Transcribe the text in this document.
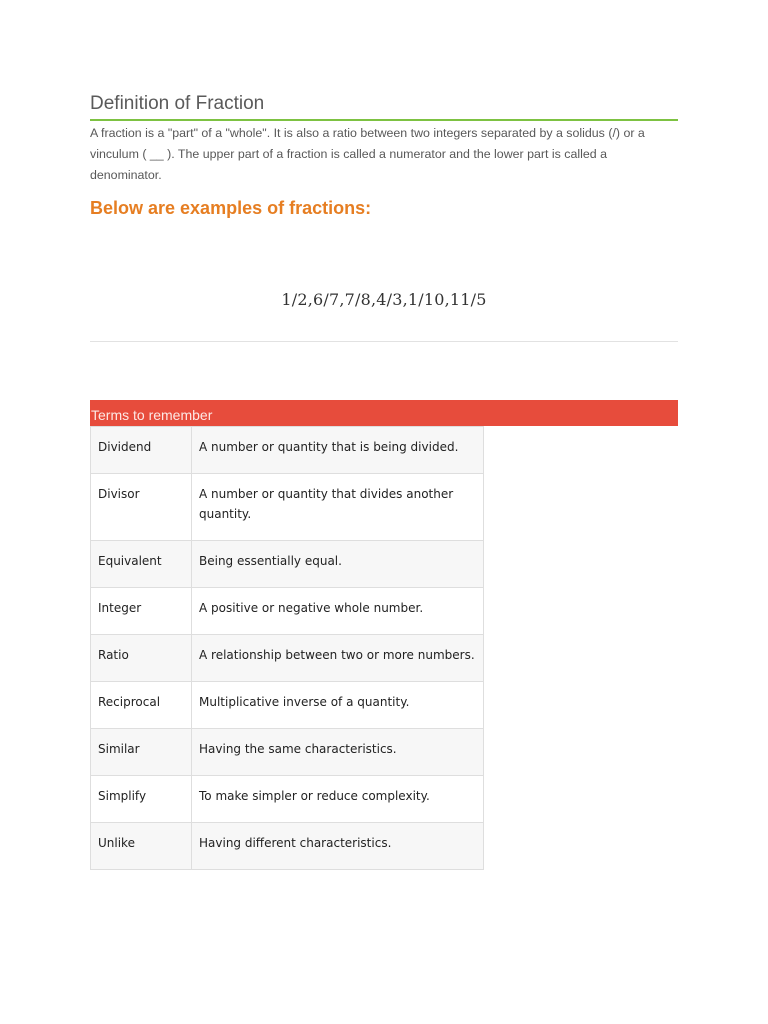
Definition of Fraction
A fraction is a "part" of a "whole". It is also a ratio between two integers separated by a solidus (/) or a vinculum ( __ ). The upper part of a fraction is called a numerator and the lower part is called a denominator.
Below are examples of fractions:
1/2,6/7,7/8,4/3,1/10,11/5
Terms to remember
Dividend	A number or quantity that is being divided.
Divisor	A number or quantity that divides another quantity.
Equivalent	Being essentially equal.
Integer	A positive or negative whole number.
Ratio	A relationship between two or more numbers.
Reciprocal	Multiplicative inverse of a quantity.
Similar	Having the same characteristics.
Simplify	To make simpler or reduce complexity.
Unlike	Having different characteristics.
